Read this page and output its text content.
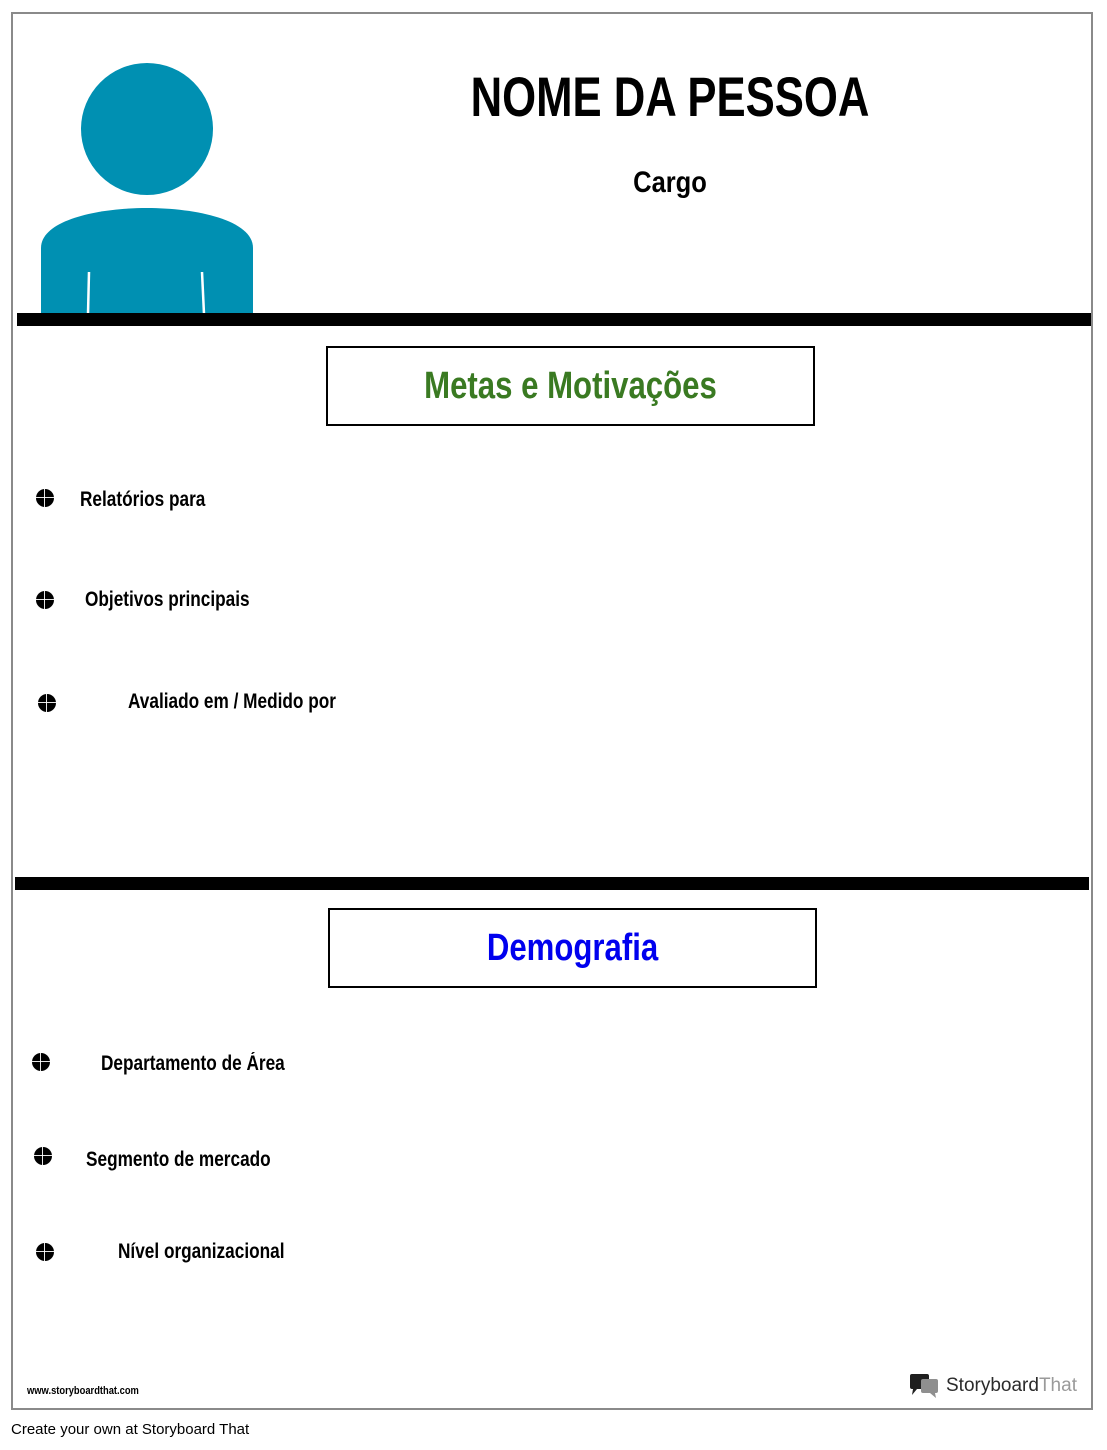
NOME DA PESSOA
Cargo
Metas e Motivações
Relatórios para
Objetivos principais
Avaliado em / Medido por
Demografia
Departamento de Área
Segmento de mercado
Nível organizacional
www.storyboardthat.com	StoryboardThat
Create your own at Storyboard That
